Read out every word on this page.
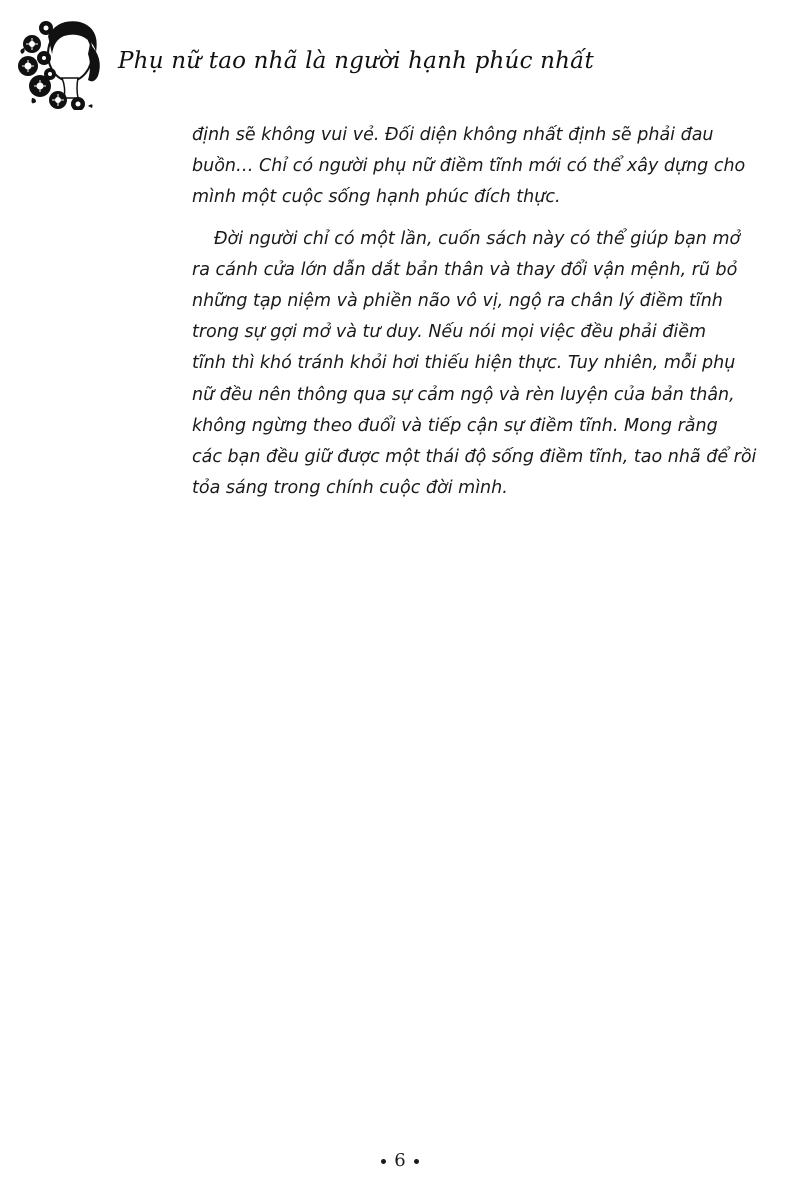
Phụ nữ tao nhã là người hạnh phúc nhất

định sẽ không vui vẻ. Đối diện không nhất định sẽ phải đau
buồn… Chỉ có người phụ nữ điềm tĩnh mới có thể xây dựng cho
mình một cuộc sống hạnh phúc đích thực.

Đời người chỉ có một lần, cuốn sách này có thể giúp bạn mở
ra cánh cửa lớn dẫn dắt bản thân và thay đổi vận mệnh, rũ bỏ
những tạp niệm và phiền não vô vị, ngộ ra chân lý điềm tĩnh
trong sự gợi mở và tư duy. Nếu nói mọi việc đều phải điềm
tĩnh thì khó tránh khỏi hơi thiếu hiện thực. Tuy nhiên, mỗi phụ
nữ đều nên thông qua sự cảm ngộ và rèn luyện của bản thân,
không ngừng theo đuổi và tiếp cận sự điềm tĩnh. Mong rằng
các bạn đều giữ được một thái độ sống điềm tĩnh, tao nhã để rồi
tỏa sáng trong chính cuộc đời mình.

6
